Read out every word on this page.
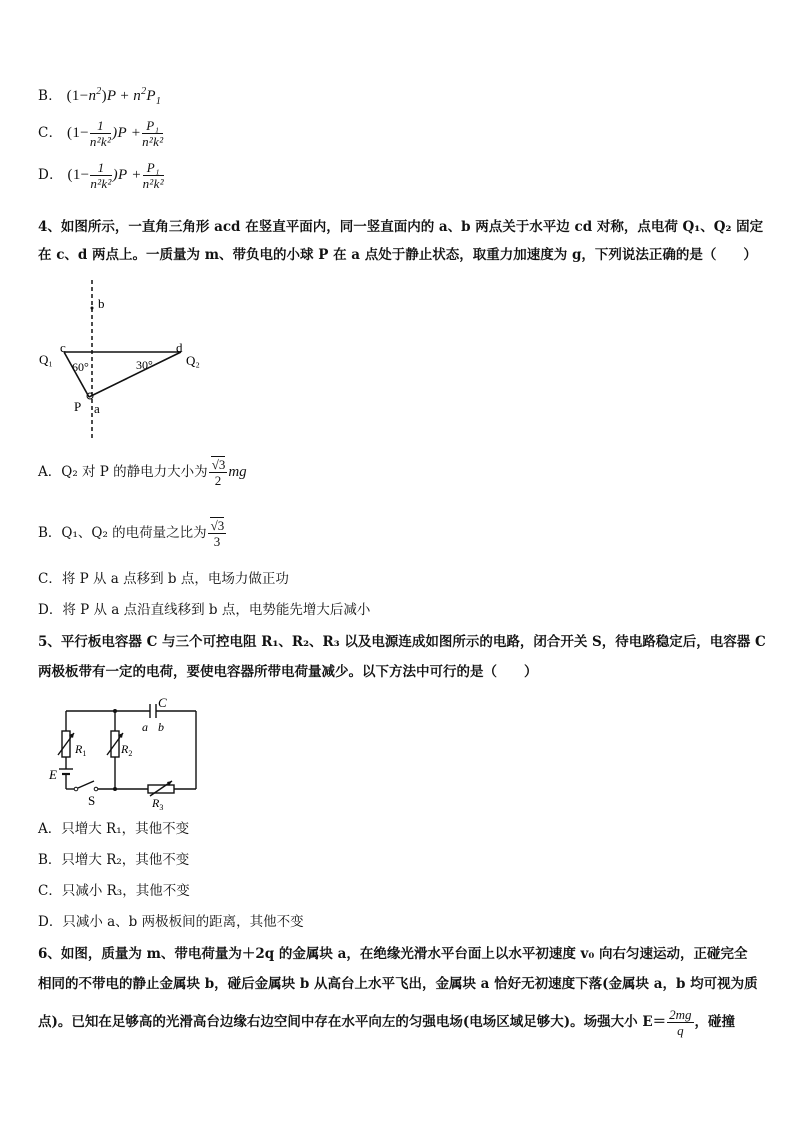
B． $(1-n^2)P + n^2P_1$
C． $(1- \frac{1}{\text{n²k²}} )P + \frac{\text{P₁}}{\text{n²k²}}$
D． $(1- \frac{1}{\text{n²k²}} )P + \frac{\text{P₁}}{\text{n²k²}}$
4、如图所示，一直角三角形 acd 在竖直平面内，同一竖直面内的 a、b 两点关于水平边 cd 对称，点电荷 Q₁、Q₂ 固定
在 c、d 两点上。一质量为 m、带负电的小球 P 在 a 点处于静止状态，取重力加速度为 g，下列说法正确的是（　　）
b
c	d
Q₁	Q₂
60°	30°
P a
A．Q₂ 对 P 的静电力大小为 $\frac{√3}{2}$ mg
B．Q₁、Q₂ 的电荷量之比为 $\frac{√3}{3}$
C．将 P 从 a 点移到 b 点，电场力做正功
D．将 P 从 a 点沿直线移到 b 点，电势能先增大后减小
5、平行板电容器 C 与三个可控电阻 R₁、R₂、R₃ 以及电源连成如图所示的电路，闭合开关 S，待电路稳定后，电容器 C
两极板带有一定的电荷，要使电容器所带电荷量减少。以下方法中可行的是（　　）
C
a b
$R_1$	$R_2$
$R_3$
E
S
A．只增大 R₁，其他不变
B．只增大 R₂，其他不变
C．只减小 R₃，其他不变
D．只减小 a、b 两极板间的距离，其他不变
6、如图，质量为 m、带电荷量为＋2q 的金属块 a，在绝缘光滑水平台面上以水平初速度 v₀ 向右匀速运动，正碰完全
相同的不带电的静止金属块 b，碰后金属块 b 从高台上水平飞出，金属块 a 恰好无初速度下落(金属块 a，b 均可视为质
点)。已知在足够高的光滑高台边缘右边空间中存在水平向左的匀强电场(电场区域足够大)。场强大小 $E= \frac{2mg}{q}$ ，碰撞
